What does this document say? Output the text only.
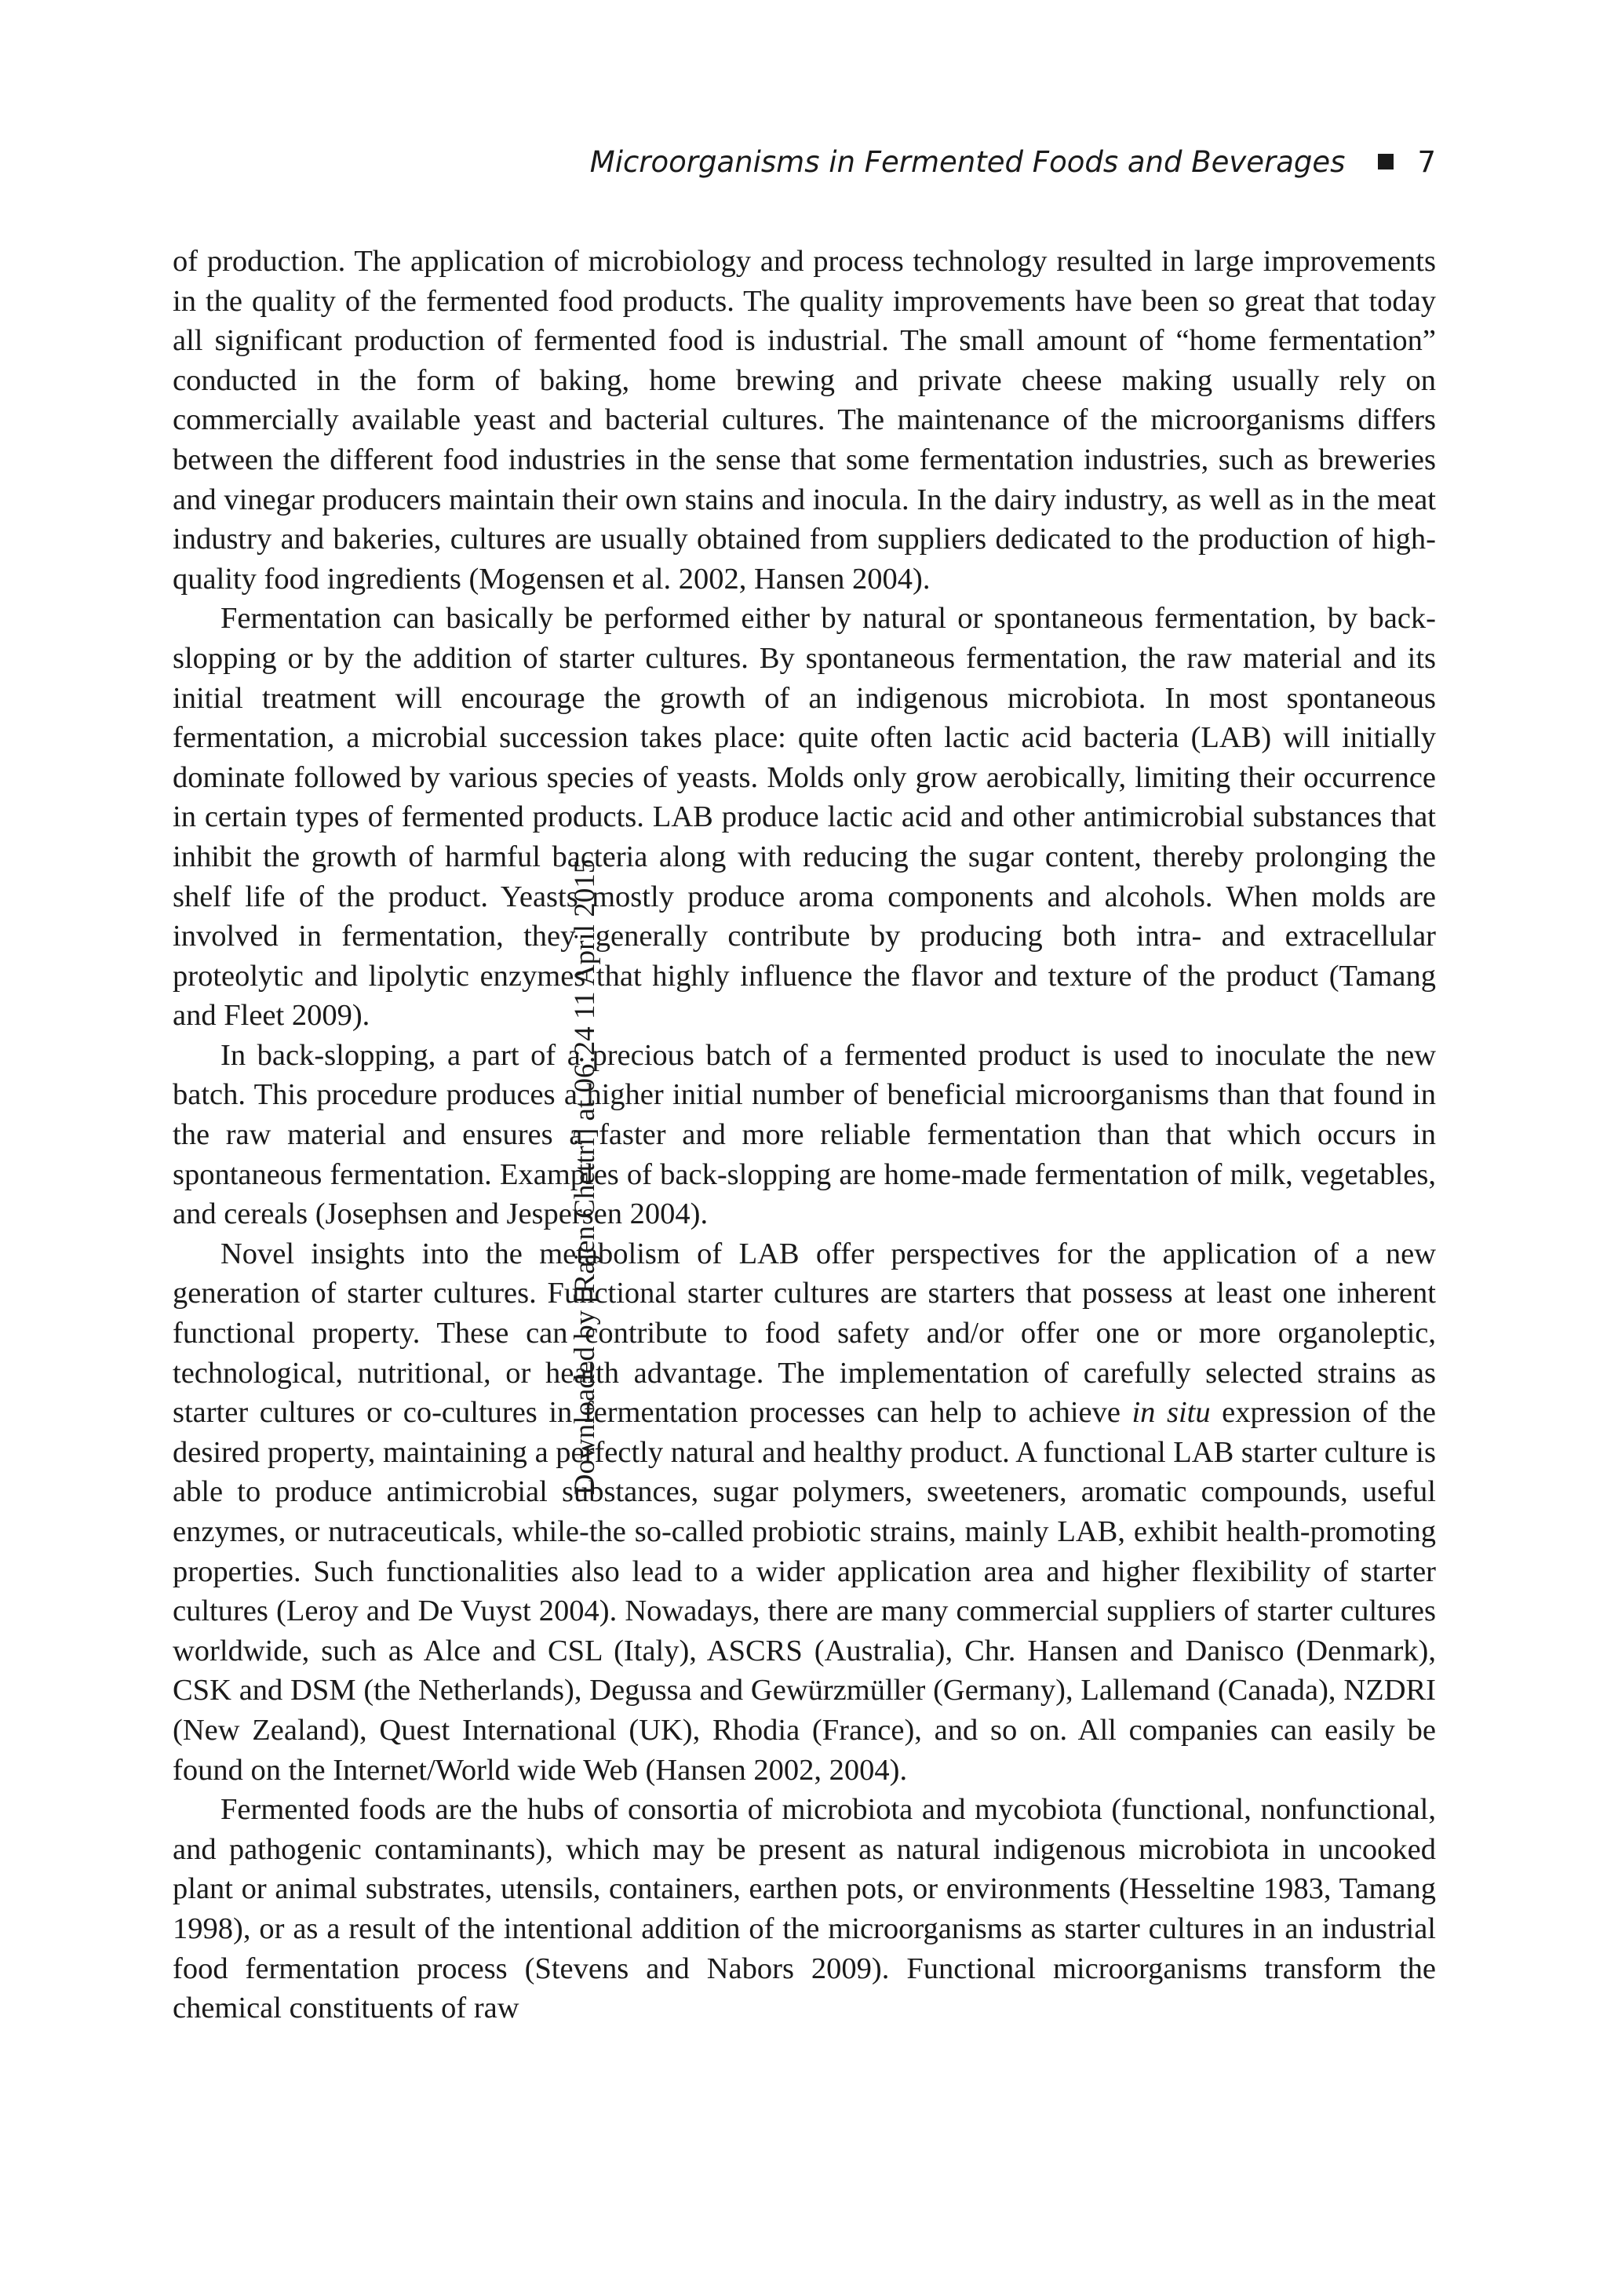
Microorganisms in Fermented Foods and Beverages 7
Downloaded by [Rajen Chettri] at 06:24 11 April 2015

of production. The application of microbiology and process technology resulted in large improvements in the quality of the fermented food products. The quality improvements have been so great that today all significant production of fermented food is industrial. The small amount of “home fermentation” conducted in the form of baking, home brewing and private cheese making usually rely on commercially available yeast and bacterial cultures. The maintenance of the microorganisms differs between the different food industries in the sense that some fermentation industries, such as breweries and vinegar producers maintain their own stains and inocula. In the dairy industry, as well as in the meat industry and bakeries, cultures are usually obtained from suppliers dedicated to the production of high-quality food ingredients (Mogensen et al. 2002, Hansen 2004).

Fermentation can basically be performed either by natural or spontaneous fermentation, by back-slopping or by the addition of starter cultures. By spontaneous fermentation, the raw material and its initial treatment will encourage the growth of an indigenous microbiota. In most spontaneous fermentation, a microbial succession takes place: quite often lactic acid bacteria (LAB) will initially dominate followed by various species of yeasts. Molds only grow aerobically, limiting their occurrence in certain types of fermented products. LAB produce lactic acid and other antimicrobial substances that inhibit the growth of harmful bacteria along with reducing the sugar content, thereby prolonging the shelf life of the product. Yeasts mostly produce aroma components and alcohols. When molds are involved in fermentation, they generally contribute by producing both intra- and extracellular proteolytic and lipolytic enzymes that highly influence the flavor and texture of the product (Tamang and Fleet 2009).

In back-slopping, a part of a precious batch of a fermented product is used to inoculate the new batch. This procedure produces a higher initial number of beneficial microorganisms than that found in the raw material and ensures a faster and more reliable fermentation than that which occurs in spontaneous fermentation. Examples of back-slopping are home-made fermentation of milk, vegetables, and cereals (Josephsen and Jespersen 2004).

Novel insights into the metabolism of LAB offer perspectives for the application of a new generation of starter cultures. Functional starter cultures are starters that possess at least one inherent functional property. These can contribute to food safety and/or offer one or more organoleptic, technological, nutritional, or health advantage. The implementation of carefully selected strains as starter cultures or co-cultures in fermentation processes can help to achieve in situ expression of the desired property, maintaining a perfectly natural and healthy product. A functional LAB starter culture is able to produce antimicrobial substances, sugar polymers, sweeteners, aromatic compounds, useful enzymes, or nutraceuticals, while-the so-called probiotic strains, mainly LAB, exhibit health-promoting properties. Such functionalities also lead to a wider application area and higher flexibility of starter cultures (Leroy and De Vuyst 2004). Nowadays, there are many commercial suppliers of starter cultures worldwide, such as Alce and CSL (Italy), ASCRS (Australia), Chr. Hansen and Danisco (Denmark), CSK and DSM (the Netherlands), Degussa and Gewürzmüller (Germany), Lallemand (Canada), NZDRI (New Zealand), Quest International (UK), Rhodia (France), and so on. All companies can easily be found on the Internet/World wide Web (Hansen 2002, 2004).

Fermented foods are the hubs of consortia of microbiota and mycobiota (functional, nonfunctional, and pathogenic contaminants), which may be present as natural indigenous microbiota in uncooked plant or animal substrates, utensils, containers, earthen pots, or environments (Hesseltine 1983, Tamang 1998), or as a result of the intentional addition of the microorganisms as starter cultures in an industrial food fermentation process (Stevens and Nabors 2009). Functional microorganisms transform the chemical constituents of raw
